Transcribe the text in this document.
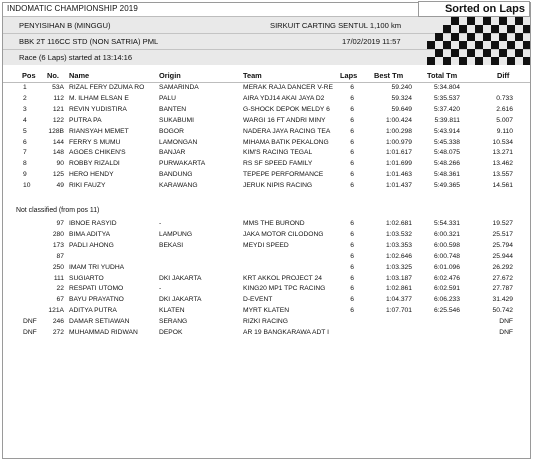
INDOMATIC CHAMPIONSHIP 2019	Sorted on Laps
PENYISIHAN B (MINGGU)	SIRKUIT CARTING SENTUL 1,100 km
BBK 2T 116CC STD (NON SATRIA) PML	17/02/2019 11:57
Race (6 Laps) started at 13:14:16
Pos No. Name	Origin	Team	Laps Best Tm	Total Tm	Diff
1	53A RIZAL FERY DZUMA RO	SAMARINDA	MERAK RAJA DANCER V-RE	6	59.240	5:34.804
2	112 M. ILHAM ELSAN E	PALU	AIRA YDJ14 AKAI JAYA D2	6	59.324	5:35.537	0.733
3	121 REVIN YUDISTIRA	BANTEN	G-SHOCK DEPOK MELDY 6	6	59.649	5:37.420	2.616
4	122 PUTRA PA	SUKABUMI	WARGI 16 FT ANDRI MINY	6	1:00.424	5:39.811	5.007
5	128B RIANSYAH MEMET	BOGOR	NADERA JAYA RACING TEA	6	1:00.298	5:43.914	9.110
6	144 FERRY S MUMU	LAMONGAN	MIHAMA BATIK PEKALONG	6	1:00.979	5:45.338	10.534
7	148 AGOES CHIKEN'S	BANJAR	KIM'S RACING TEGAL	6	1:01.617	5:48.075	13.271
8	90 ROBBY RIZALDI	PURWAKARTA	RS SF SPEED FAMILY	6	1:01.699	5:48.266	13.462
9	125 HERO HENDY	BANDUNG	TEPEPE PERFORMANCE	6	1:01.463	5:48.361	13.557
10	49 RIKI FAUZY	KARAWANG	JERUK NIPIS RACING	6	1:01.437	5:49.365	14.561
97 IBNOE RASYID	-	MMS THE BUROND	6	1:02.681	5:54.331	19.527
280 BIMA ADITYA	LAMPUNG	JAKA MOTOR CILODONG	6	1:03.532	6:00.321	25.517
173 PADLI AHONG	BEKASI	MEYDI SPEED	6	1:03.353	6:00.598	25.794
87	6	1:02.646	6:00.748	25.944
250 IMAM TRI YUDHA	6	1:03.325	6:01.096	26.292
111 SUGIARTO	DKI JAKARTA	KRT AKKOL PROJECT 24	6	1:03.187	6:02.476	27.672
22 RESPATI UTOMO	-	KING20 MP1 TPC RACING	6	1:02.861	6:02.591	27.787
67 BAYU PRAYATNO	DKI JAKARTA	D-EVENT	6	1:04.377	6:06.233	31.429
121A ADITYA PUTRA	KLATEN	MYRT KLATEN	6	1:07.701	6:25.546	50.742
DNF	246 DAMAR SETIAWAN	SERANG	RIZKI RACING	DNF
DNF	272 MUHAMMAD RIDWAN	DEPOK	AR 19 BANGKARAWA ADT I	DNF
Not classified (from pos 11)
